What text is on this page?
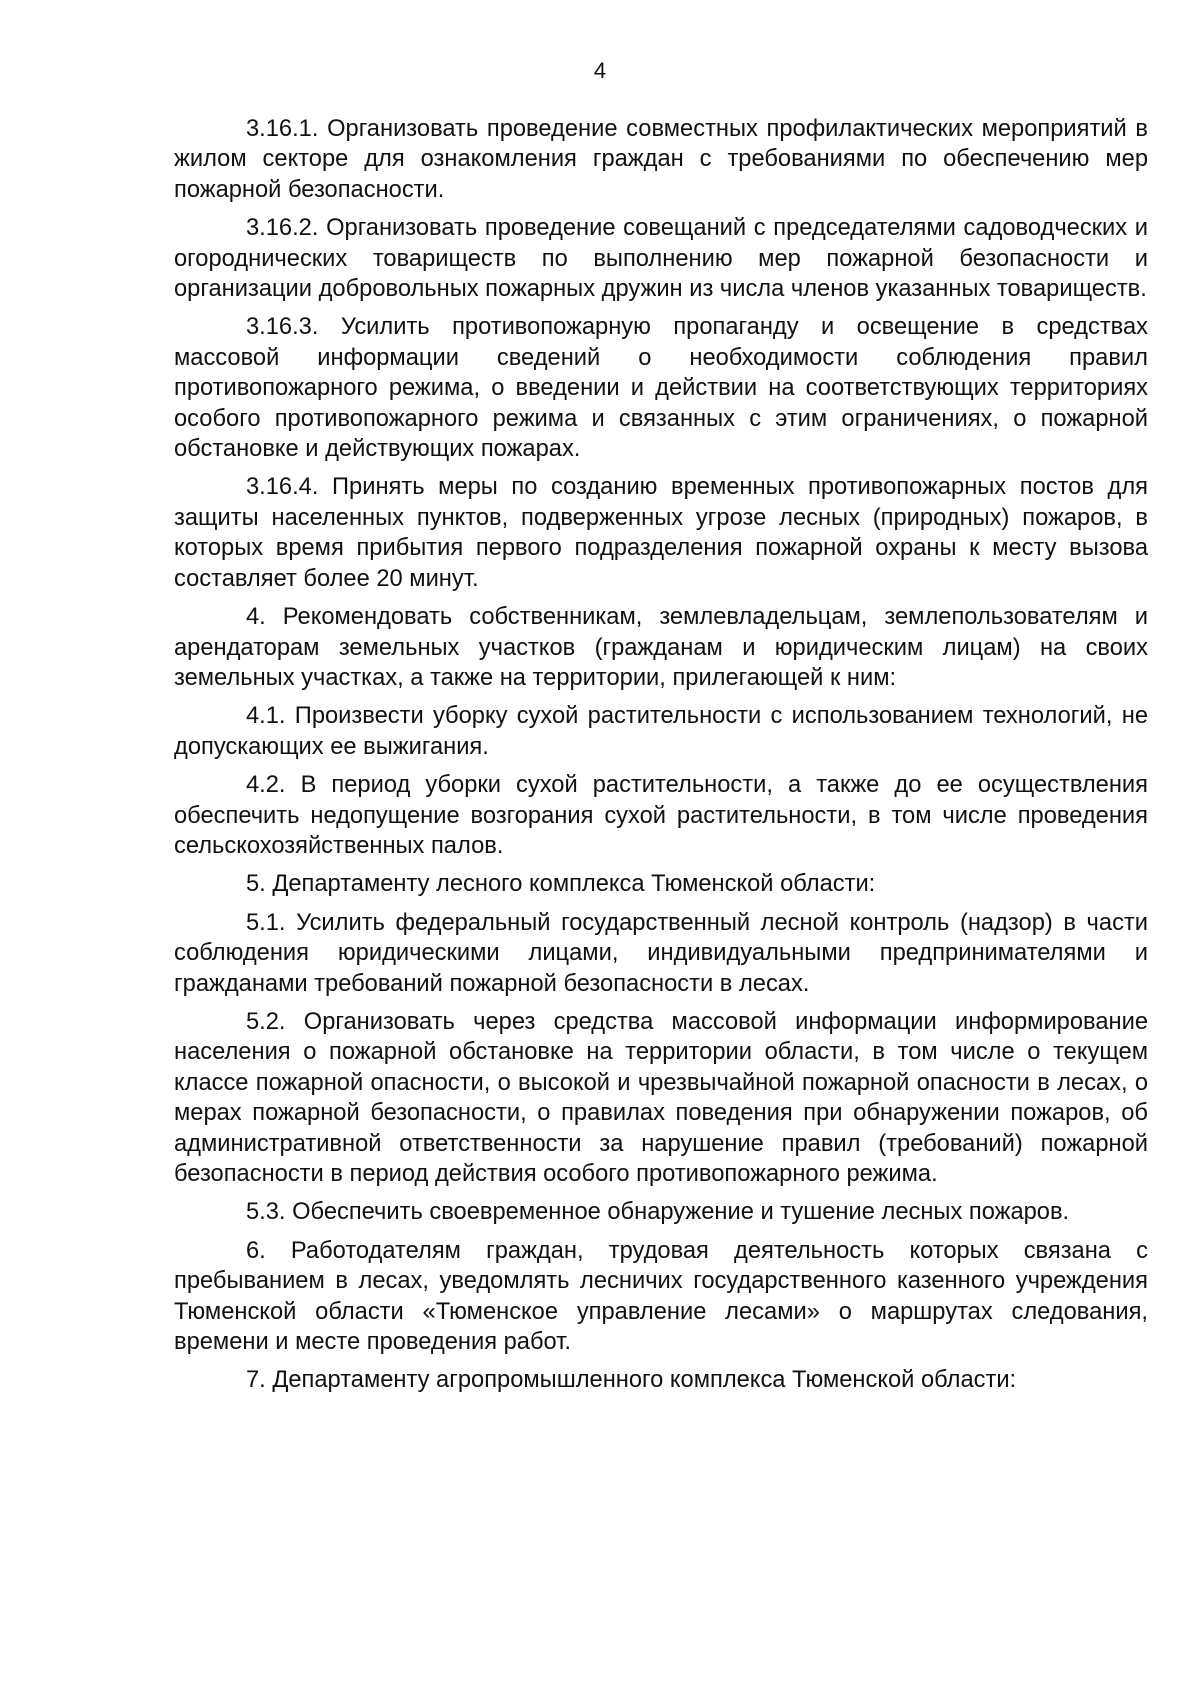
4

3.16.1. Организовать проведение совместных профилактических мероприятий в жилом секторе для ознакомления граждан с требованиями по обеспечению мер пожарной безопасности.

3.16.2. Организовать проведение совещаний с председателями садоводческих и огороднических товариществ по выполнению мер пожарной безопасности и организации добровольных пожарных дружин из числа членов указанных товариществ.

3.16.3. Усилить противопожарную пропаганду и освещение в средствах массовой информации сведений о необходимости соблюдения правил противопожарного режима, о введении и действии на соответствующих территориях особого противопожарного режима и связанных с этим ограничениях, о пожарной обстановке и действующих пожарах.

3.16.4. Принять меры по созданию временных противопожарных постов для защиты населенных пунктов, подверженных угрозе лесных (природных) пожаров, в которых время прибытия первого подразделения пожарной охраны к месту вызова составляет более 20 минут.

4. Рекомендовать собственникам, землевладельцам, землепользователям и арендаторам земельных участков (гражданам и юридическим лицам) на своих земельных участках, а также на территории, прилегающей к ним:

4.1. Произвести уборку сухой растительности с использованием технологий, не допускающих ее выжигания.

4.2. В период уборки сухой растительности, а также до ее осуществления обеспечить недопущение возгорания сухой растительности, в том числе проведения сельскохозяйственных палов.

5. Департаменту лесного комплекса Тюменской области:

5.1. Усилить федеральный государственный лесной контроль (надзор) в части соблюдения юридическими лицами, индивидуальными предпринимателями и гражданами требований пожарной безопасности в лесах.

5.2. Организовать через средства массовой информации информирование населения о пожарной обстановке на территории области, в том числе о текущем классе пожарной опасности, о высокой и чрезвычайной пожарной опасности в лесах, о мерах пожарной безопасности, о правилах поведения при обнаружении пожаров, об административной ответственности за нарушение правил (требований) пожарной безопасности в период действия особого противопожарного режима.

5.3. Обеспечить своевременное обнаружение и тушение лесных пожаров.

6. Работодателям граждан, трудовая деятельность которых связана с пребыванием в лесах, уведомлять лесничих государственного казенного учреждения Тюменской области «Тюменское управление лесами» о маршрутах следования, времени и месте проведения работ.

7. Департаменту агропромышленного комплекса Тюменской области:
